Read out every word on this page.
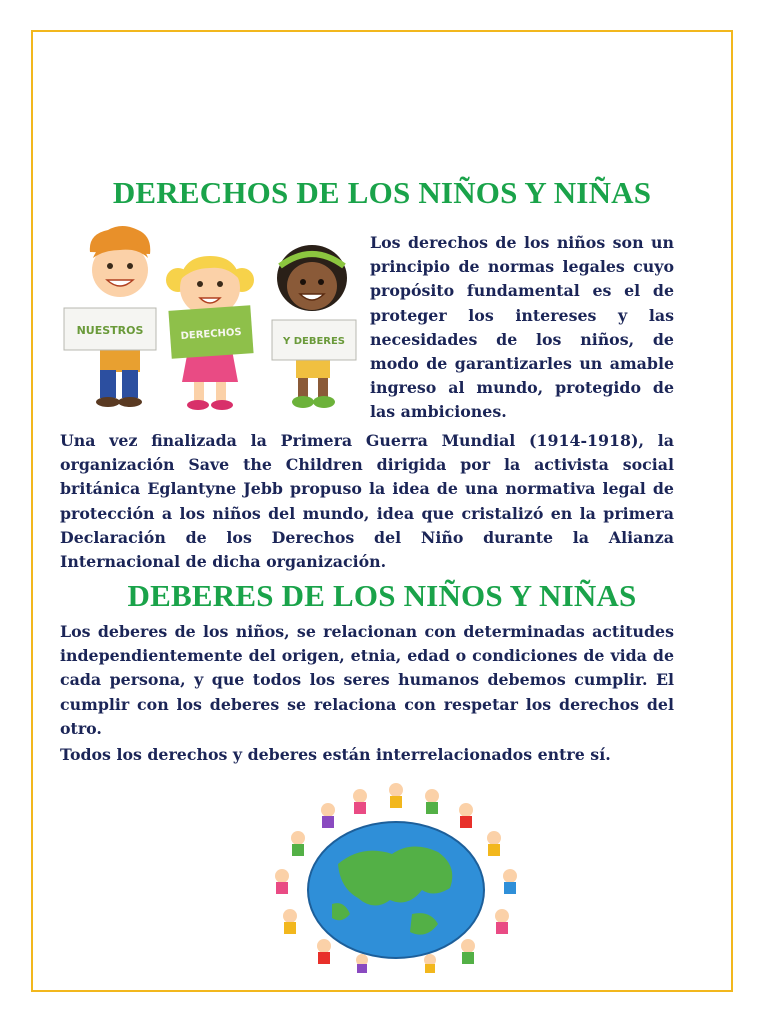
DERECHOS DE LOS NIÑOS Y NIÑAS
NUESTROS	DERECHOS	Y DEBERES

Los derechos de los niños son un principio de normas legales cuyo propósito fundamental es el de proteger los intereses y las necesidades de los niños, de modo de garantizarles un amable ingreso al mundo, protegido de las ambiciones.

Una vez finalizada la Primera Guerra Mundial (1914-1918), la organización Save the Children dirigida por la activista social británica Eglantyne Jebb propuso la idea de una normativa legal de protección a los niños del mundo, idea que cristalizó en la primera Declaración de los Derechos del Niño durante la Alianza Internacional de dicha organización.

DEBERES DE LOS NIÑOS Y NIÑAS

Los deberes de los niños, se relacionan con determinadas actitudes independientemente del origen, etnia, edad o condiciones de vida de cada persona, y que todos los seres humanos debemos cumplir. El cumplir con los deberes se relaciona con respetar los derechos del otro.

Todos los derechos y deberes están interrelacionados entre sí.
